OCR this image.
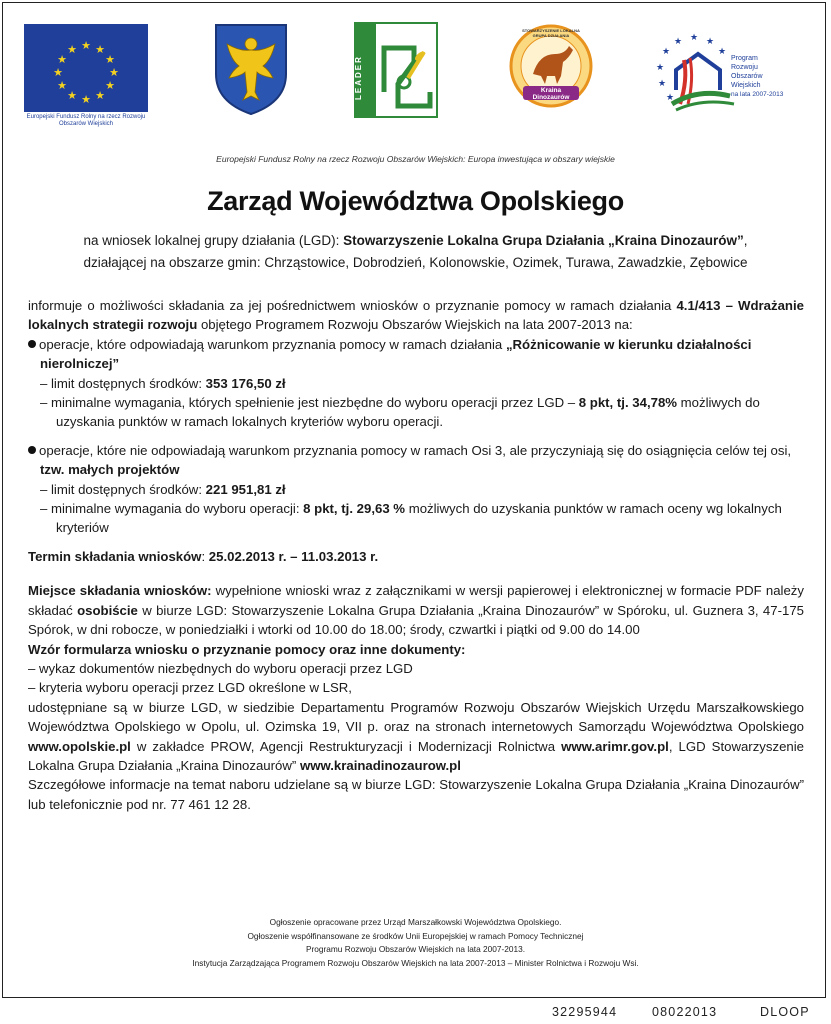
★ ★
★
★
★
★
★
★
★
★
★
★
Europejski Fundusz Rolny na rzecz Rozwoju Obszarów Wiejskich
LEADER	Kraina Dinozaurów
STOWARZYSZENIE LOKALNA GRUPA DZIAŁANIA	★ ★
★
★
★
★
★
★
Program
Rozwoju
Obszarów
Wiejskich
na lata 2007-2013
Europejski Fundusz Rolny na rzecz Rozwoju Obszarów Wiejskich: Europa inwestująca w obszary wiejskie
Zarząd Województwa Opolskiego
na wniosek lokalnej grupy działania (LGD): Stowarzyszenie Lokalna Grupa Działania „Kraina Dinozaurów”,
działającej na obszarze gmin: Chrząstowice, Dobrodzień, Kolonowskie, Ozimek, Turawa, Zawadzkie, Zębowice

informuje o możliwości składania za jej pośrednictwem wniosków o przyznanie pomocy w ramach działania 4.1/413 – Wdrażanie lokalnych strategii rozwoju objętego Programem Rozwoju Obszarów Wiejskich na lata 2007-2013 na:

operacje, które odpowiadają warunkom przyznania pomocy w ramach działania „Różnicowanie w kierunku działalności nierolniczej”

– limit dostępnych środków: 353 176,50 zł

– minimalne wymagania, których spełnienie jest niezbędne do wyboru operacji przez LGD – 8 pkt, tj. 34,78% możliwych do uzyskania punktów w ramach lokalnych kryteriów wyboru operacji.

operacje, które nie odpowiadają warunkom przyznania pomocy w ramach Osi 3, ale przyczyniają się do osiągnięcia celów tej osi, tzw. małych projektów

– limit dostępnych środków: 221 951,81 zł

– minimalne wymagania do wyboru operacji: 8 pkt, tj. 29,63 % możliwych do uzyskania punktów w ramach oceny wg lokalnych kryteriów

Termin składania wniosków: 25.02.2013 r. – 11.03.2013 r.

Miejsce składania wniosków: wypełnione wnioski wraz z załącznikami w wersji papierowej i elektronicznej w formacie PDF należy składać osobiście w biurze LGD: Stowarzyszenie Lokalna Grupa Działania „Kraina Dinozaurów” w Spóroku, ul. Guznera 3, 47-175 Spórok, w dni robocze, w poniedziałki i wtorki od 10.00 do 18.00; środy, czwartki i piątki od 9.00 do 14.00

Wzór formularza wniosku o przyznanie pomocy oraz inne dokumenty:

– wykaz dokumentów niezbędnych do wyboru operacji przez LGD

– kryteria wyboru operacji przez LGD określone w LSR,

udostępniane są w biurze LGD, w siedzibie Departamentu Programów Rozwoju Obszarów Wiejskich Urzędu Marszałkowskiego Województwa Opolskiego w Opolu, ul. Ozimska 19, VII p. oraz na stronach internetowych Samorządu Województwa Opolskiego www.opolskie.pl w zakładce PROW, Agencji Restrukturyzacji i Modernizacji Rolnictwa www.arimr.gov.pl, LGD Stowarzyszenie Lokalna Grupa Działania „Kraina Dinozaurów” www.krainadinozaurow.pl

Szczegółowe informacje na temat naboru udzielane są w biurze LGD: Stowarzyszenie Lokalna Grupa Działania „Kraina Dinozaurów” lub telefonicznie pod nr. 77 461 12 28.

Ogłoszenie opracowane przez Urząd Marszałkowski Województwa Opolskiego.
Ogłoszenie współfinansowane ze środków Unii Europejskiej w ramach Pomocy Technicznej
Programu Rozwoju Obszarów Wiejskich na lata 2007-2013.
Instytucja Zarządzająca Programem Rozwoju Obszarów Wiejskich na lata 2007-2013 – Minister Rolnictwa i Rozwoju Wsi.
32295944	08022013	DLOOP
